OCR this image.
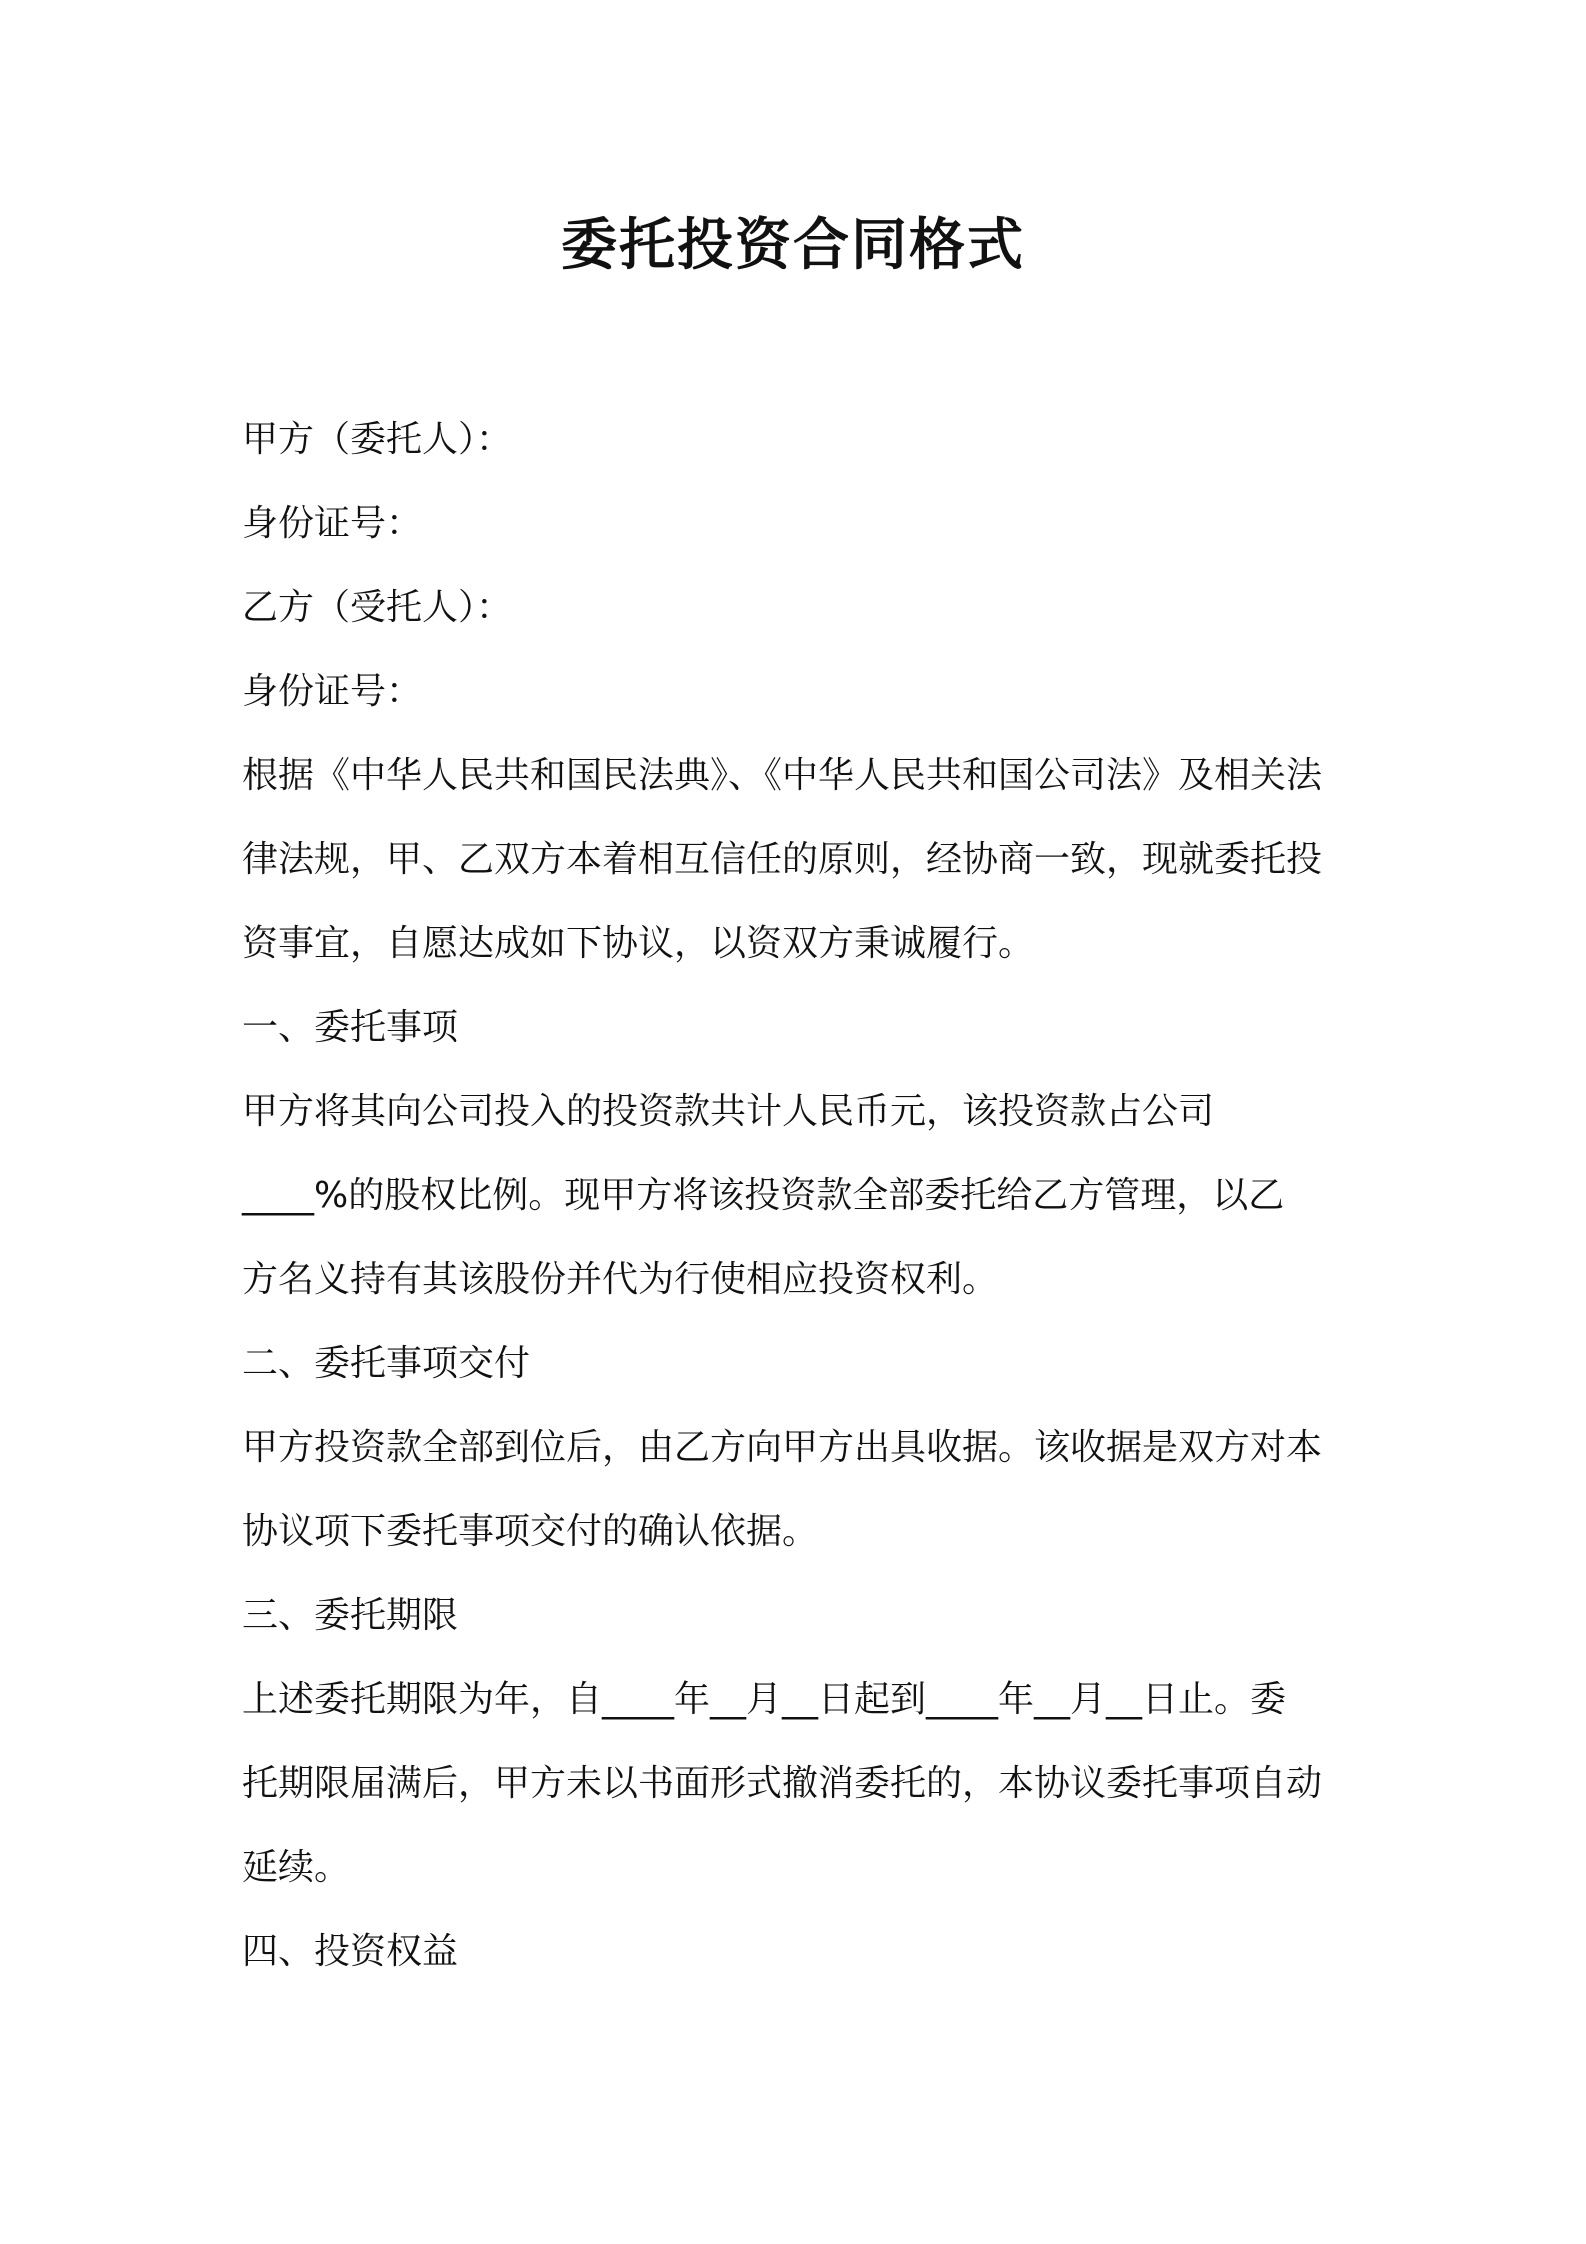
委托投资合同格式

甲方（委托人）：

身份证号：

乙方（受托人）：

身份证号：

根据《中华人民共和国民法典》、《中华人民共和国公司法》及相关法

律法规，甲、乙双方本着相互信任的原则，经协商一致，现就委托投

资事宜，自愿达成如下协议，以资双方秉诚履行。

一、委托事项

甲方将其向公司投入的投资款共计人民币元，该投资款占公司

____%的股权比例。现甲方将该投资款全部委托给乙方管理，以乙

方名义持有其该股份并代为行使相应投资权利。

二、委托事项交付

甲方投资款全部到位后，由乙方向甲方出具收据。该收据是双方对本

协议项下委托事项交付的确认依据。

三、委托期限

上述委托期限为年，自____年__月__日起到____年__月__日止。委

托期限届满后，甲方未以书面形式撤消委托的，本协议委托事项自动

延续。

四、投资权益
